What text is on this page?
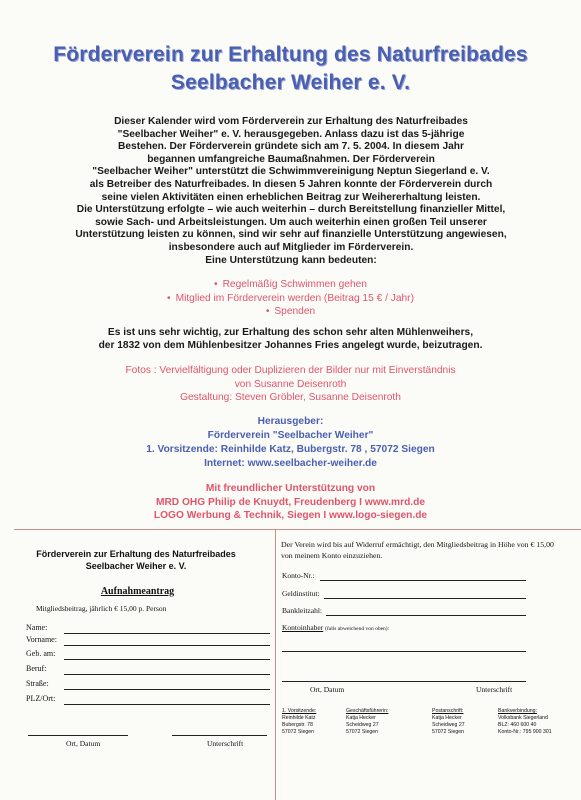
Förderverein zur Erhaltung des Naturfreibades
Seelbacher Weiher e. V.
Dieser Kalender wird vom Förderverein zur Erhaltung des Naturfreibades
"Seelbacher Weiher" e. V. herausgegeben. Anlass dazu ist das 5-jährige
Bestehen. Der Förderverein gründete sich am 7. 5. 2004. In diesem Jahr
begannen umfangreiche Baumaßnahmen. Der Förderverein
"Seelbacher Weiher" unterstützt die Schwimmvereinigung Neptun Siegerland e. V.
als Betreiber des Naturfreibades. In diesen 5 Jahren konnte der Förderverein durch
seine vielen Aktivitäten einen erheblichen Beitrag zur Weihererhaltung leisten.
Die Unterstützung erfolgte – wie auch weiterhin – durch Bereitstellung finanzieller Mittel,
sowie Sach- und Arbeitsleistungen. Um auch weiterhin einen großen Teil unserer
Unterstützung leisten zu können, sind wir sehr auf finanzielle Unterstützung angewiesen,
insbesondere auch auf Mitglieder im Förderverein.
Eine Unterstützung kann bedeuten:
• Regelmäßig Schwimmen gehen
• Mitglied im Förderverein werden (Beitrag 15 € / Jahr)
• Spenden
Es ist uns sehr wichtig, zur Erhaltung des schon sehr alten Mühlenweihers,
der 1832 von dem Mühlenbesitzer Johannes Fries angelegt wurde, beizutragen.
Fotos : Vervielfältigung oder Duplizieren der Bilder nur mit Einverständnis
von Susanne Deisenroth
Gestaltung: Steven Gröbler, Susanne Deisenroth
Herausgeber:
Förderverein "Seelbacher Weiher"
1. Vorsitzende: Reinhilde Katz, Bubergstr. 78 , 57072 Siegen
Internet: www.seelbacher-weiher.de
Mit freundlicher Unterstützung von
MRD OHG Philip de Knuydt, Freudenberg I www.mrd.de
LOGO Werbung & Technik, Siegen I www.logo-siegen.de
Förderverein zur Erhaltung des Naturfreibades
Seelbacher Weiher e. V.
Aufnahmeantrag
Mitgliedsbeitrag, jährlich € 15,00 p. Person
Name:
Vorname:
Geb. am:
Beruf:
Straße:
PLZ/Ort:
Ort, Datum	Unterschrift
Der Verein wird bis auf Widerruf ermächtigt, den Mitgliedsbeitrag in Höhe von € 15,00
von meinem Konto einzuziehen.
Konto-Nr.:
Geldinstitut:
Bankleitzahl:
Kontoinhaber (falls abweichend von oben):
Ort, Datum	Unterschrift
1. Vorsitzende:
Reinhilde Katz
Bubergstr. 78
57072 Siegen
Geschäftsführerin:
Katja Hecker
Scheidweg 27
57072 Siegen
Postanschrift:
Katja Hecker
Scheidweg 27
57072 Siegen
Bankverbindung:
Volksbank Siegerland
BLZ: 460 600 40
Konto-Nr.: 795 900 301
